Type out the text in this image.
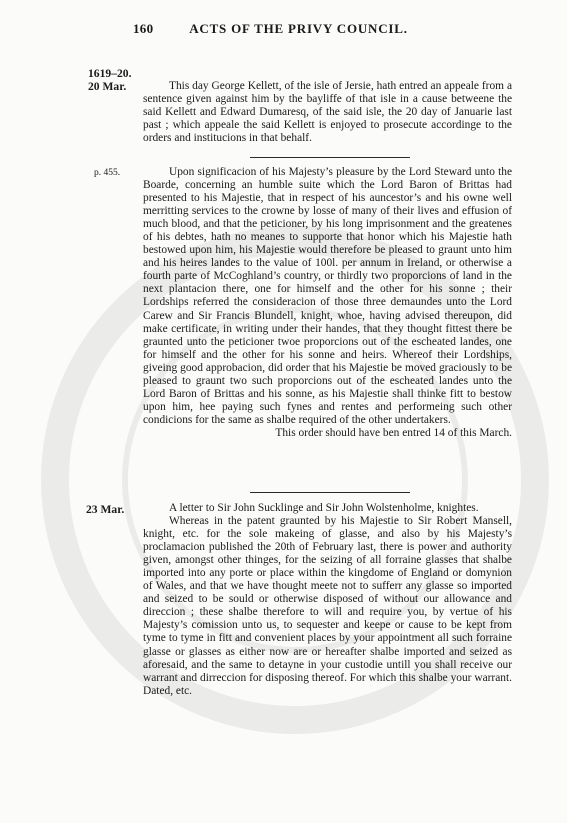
160	ACTS OF THE PRIVY COUNCIL.
1619–20.
20 Mar.	This day George Kellett, of the isle of Jersie, hath entred an appeale from a sentence given against him by the bayliffe of that isle in a cause betweene the said Kellett and Edward Dumaresq, of the said isle, the 20 day of Januarie last past ; which appeale the said Kellett is enjoyed to prosecute accordinge to the orders and institucions in that behalf.

p. 455.	Upon significacion of his Majesty’s pleasure by the Lord Steward unto the Boarde, concerning an humble suite which the Lord Baron of Brittas had presented to his Majestie, that in respect of his auncestor’s and his owne well merritting services to the crowne by losse of many of their lives and effusion of much blood, and that the peticioner, by his long imprisonment and the greatenes of his debtes, hath no meanes to supporte that honor which his Majestie hath bestowed upon him, his Majestie would therefore be pleased to graunt unto him and his heires landes to the value of 100l. per annum in Ireland, or otherwise a fourth parte of McCoghland’s country, or thirdly two proporcions of land in the next plantacion there, one for himself and the other for his sonne ; their Lordships referred the consideracion of those three demaundes unto the Lord Carew and Sir Francis Blundell, knight, whoe, having advised thereupon, did make certificate, in writing under their handes, that they thought fittest there be graunted unto the peticioner twoe proporcions out of the escheated landes, one for himself and the other for his sonne and heirs. Whereof their Lordships, giveing good approbacion, did order that his Majestie be moved graciously to be pleased to graunt two such proporcions out of the escheated landes unto the Lord Baron of Brittas and his sonne, as his Majestie shall thinke fitt to bestow upon him, hee paying such fynes and rentes and performeing such other condicions for the same as shalbe required of the other undertakers.

This order should have ben entred 14 of this March.

23 Mar.	A letter to Sir John Sucklinge and Sir John Wolstenholme, knightes.

Whereas in the patent graunted by his Majestie to Sir Robert Mansell, knight, etc. for the sole makeing of glasse, and also by his Majesty’s proclamacion published the 20th of February last, there is power and authority given, amongst other thinges, for the seizing of all forraine glasses that shalbe imported into any porte or place within the kingdome of England or domynion of Wales, and that we have thought meete not to sufferr any glasse so imported and seized to be sould or otherwise disposed of without our allowance and direccion ; these shalbe therefore to will and require you, by vertue of his Majesty’s comission unto us, to sequester and keepe or cause to be kept from tyme to tyme in fitt and convenient places by your appointment all such forraine glasse or glasses as either now are or hereafter shalbe imported and seized as aforesaid, and the same to detayne in your custodie untill you shall receive our warrant and dirreccion for disposing thereof. For which this shalbe your warrant. Dated, etc.
